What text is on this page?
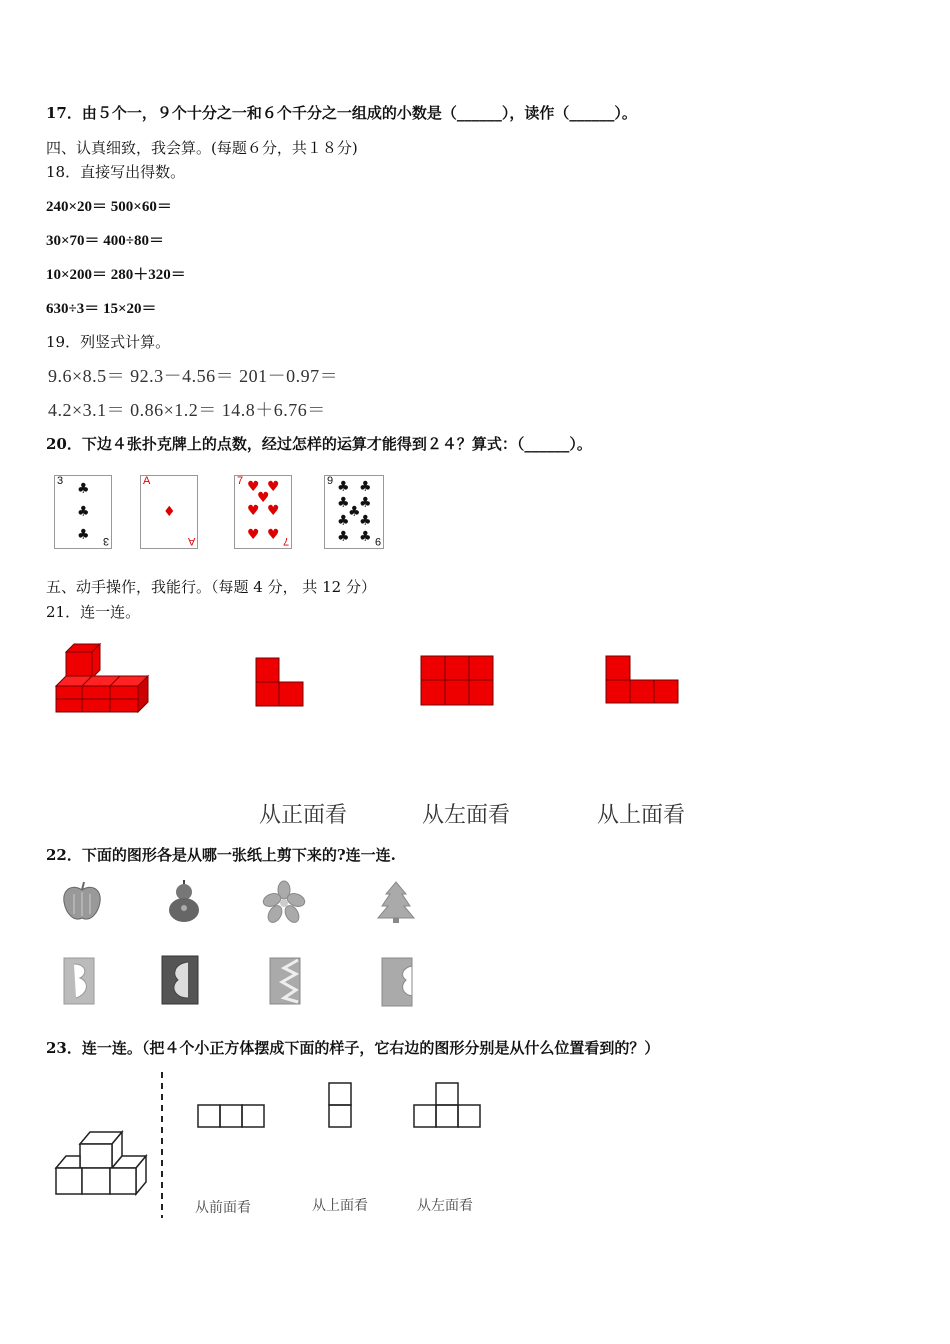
17．由５个一，９个十分之一和６个千分之一组成的小数是（______），读作（______）。
四、认真细致，我会算。(每题６分，共１８分)
18．直接写出得数。
240×20＝ 500×60＝
30×70＝ 400÷80＝
10×200＝ 280＋320＝
630÷3＝ 15×20＝
19．列竖式计算。
9.6×8.5＝ 92.3－4.56＝ 201－0.97＝
4.2×3.1＝ 0.86×1.2＝ 14.8＋6.76＝
20．下边４张扑克牌上的点数，经过怎样的运算才能得到２４？算式：（______）。
3 ♣
♣
♣ 3
A
♦
A
7 ♥ ♥
♥
♥ ♥
♥ ♥ 7
9 ♣ ♣
♣ ♣
♣
♣ ♣
♣ ♣ 9
五、动手操作，我能行。（每题 4 分， 共 12 分）
21．连一连。
从正面看	从左面看	从上面看
22．下面的图形各是从哪一张纸上剪下来的?连一连.
23．连一连。（把４个小正方体摆成下面的样子，它右边的图形分别是从什么位置看到的？）
从前面看	从上面看	从左面看
